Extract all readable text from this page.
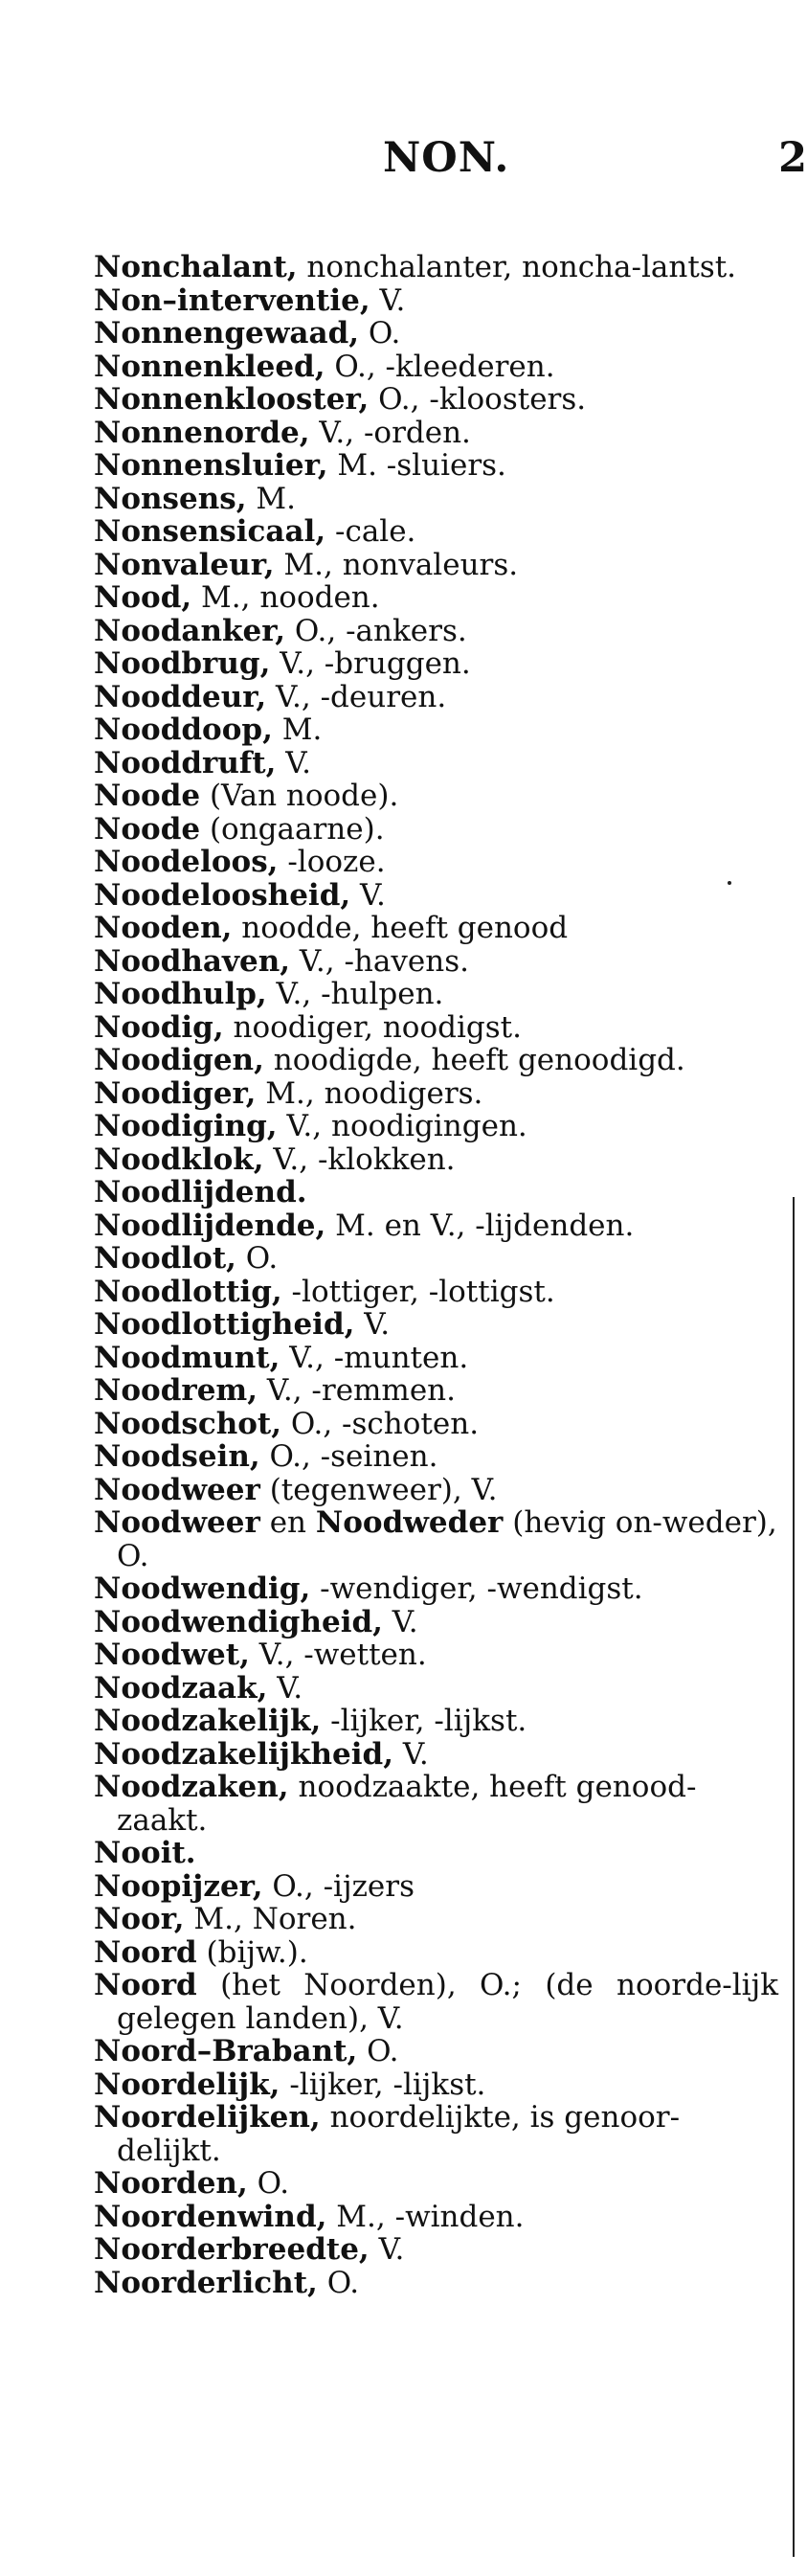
NON.	2
Nonchalant, nonchalanter, noncha-lantst.
Non–interventie, V.
Nonnengewaad, O.
Nonnenkleed, O., -kleederen.
Nonnenklooster, O., -kloosters.
Nonnenorde, V., -orden.
Nonnensluier, M. -sluiers.
Nonsens, M.
Nonsensicaal, -cale.
Nonvaleur, M., nonvaleurs.
Nood, M., nooden.
Noodanker, O., -ankers.
Noodbrug, V., -bruggen.
Nooddeur, V., -deuren.
Nooddoop, M.
Nooddruft, V.
Noode (Van noode).
Noode (ongaarne).
Noodeloos, -looze.
Noodeloosheid, V.
Nooden, noodde, heeft genood
Noodhaven, V., -havens.
Noodhulp, V., -hulpen.
Noodig, noodiger, noodigst.
Noodigen, noodigde, heeft genoodigd.
Noodiger, M., noodigers.
Noodiging, V., noodigingen.
Noodklok, V., -klokken.
Noodlijdend.
Noodlijdende, M. en V., -lijdenden.
Noodlot, O.
Noodlottig, -lottiger, -lottigst.
Noodlottigheid, V.
Noodmunt, V., -munten.
Noodrem, V., -remmen.
Noodschot, O., -schoten.
Noodsein, O., -seinen.
Noodweer (tegenweer), V.
Noodweer en Noodweder (hevig on-weder), O.
Noodwendig, -wendiger, -wendigst.
Noodwendigheid, V.
Noodwet, V., -wetten.
Noodzaak, V.
Noodzakelijk, -lijker, -lijkst.
Noodzakelijkheid, V.
Noodzaken, noodzaakte, heeft genood-zaakt.
Nooit.
Noopijzer, O., -ijzers
Noor, M., Noren.
Noord (bijw.).
Noord (het Noorden), O.; (de noorde-lijk gelegen landen), V.
Noord–Brabant, O.
Noordelijk, -lijker, -lijkst.
Noordelijken, noordelijkte, is genoor-delijkt.
Noorden, O.
Noordenwind, M., -winden.
Noorderbreedte, V.
Noorderlicht, O.
